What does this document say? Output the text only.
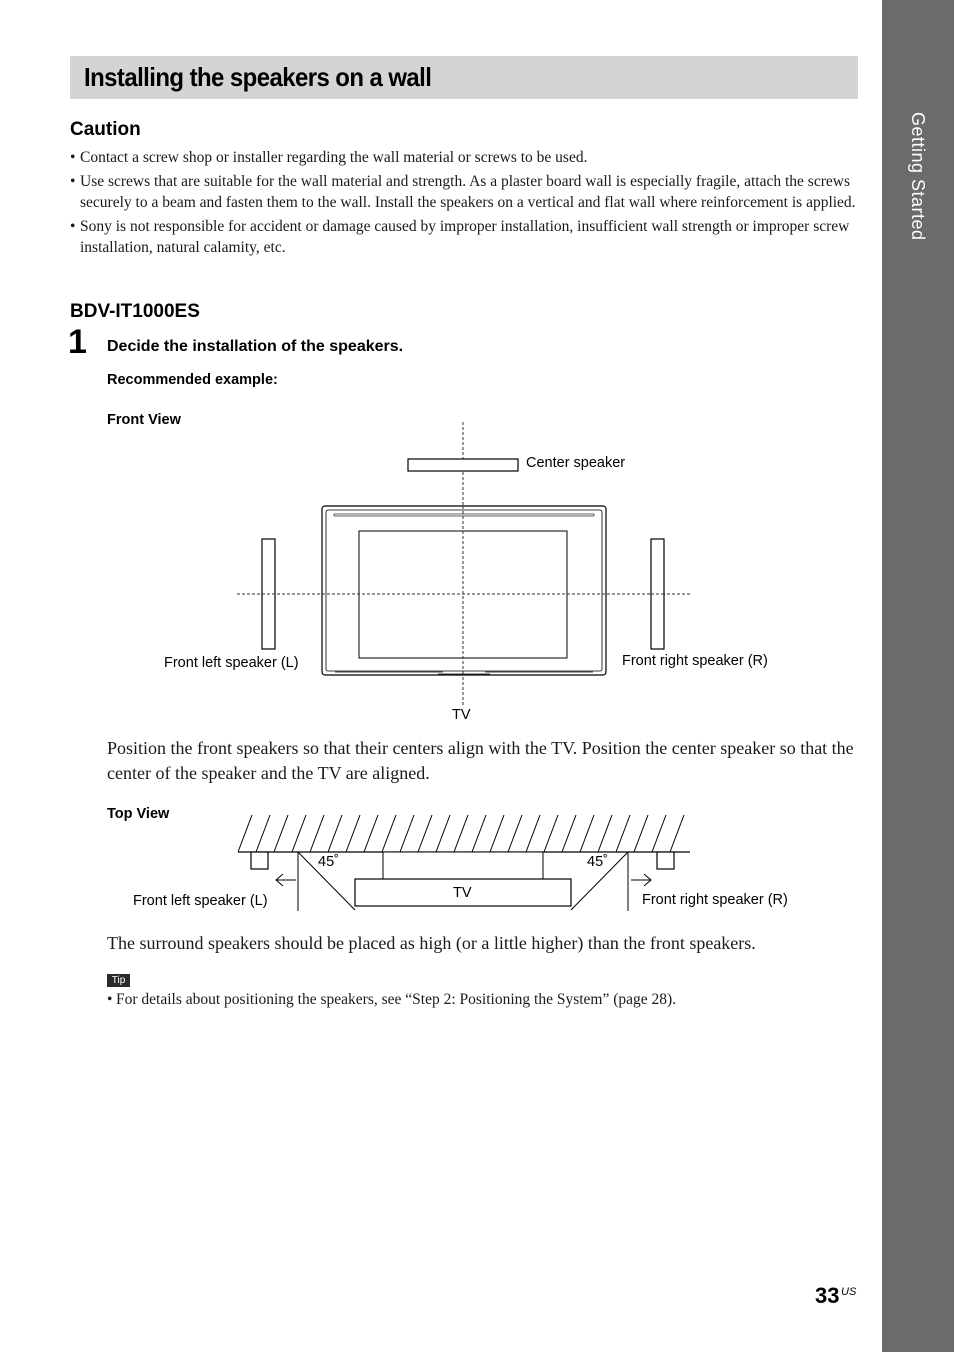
Getting Started
Installing the speakers on a wall
Caution
• Contact a screw shop or installer regarding the wall material or screws to be used.
• Use screws that are suitable for the wall material and strength. As a plaster board wall is especially fragile, attach the screws securely to a beam and fasten them to the wall. Install the speakers on a vertical and flat wall where reinforcement is applied.
• Sony is not responsible for accident or damage caused by improper installation, insufficient wall strength or improper screw installation, natural calamity, etc.
BDV-IT1000ES
1 Decide the installation of the speakers.
Recommended example:
Front View
Center speaker
Front left speaker (L)	Front right speaker (R)
TV
45˚	45˚
TV
Front left speaker (L)	Front right speaker (R)

Position the front speakers so that their centers align with the TV. Position the center speaker so that the center of the speaker and the TV are aligned.

Top View

The surround speakers should be placed as high (or a little higher) than the front speakers.

Tip
• For details about positioning the speakers, see “Step 2: Positioning the System” (page 28).
33 US
